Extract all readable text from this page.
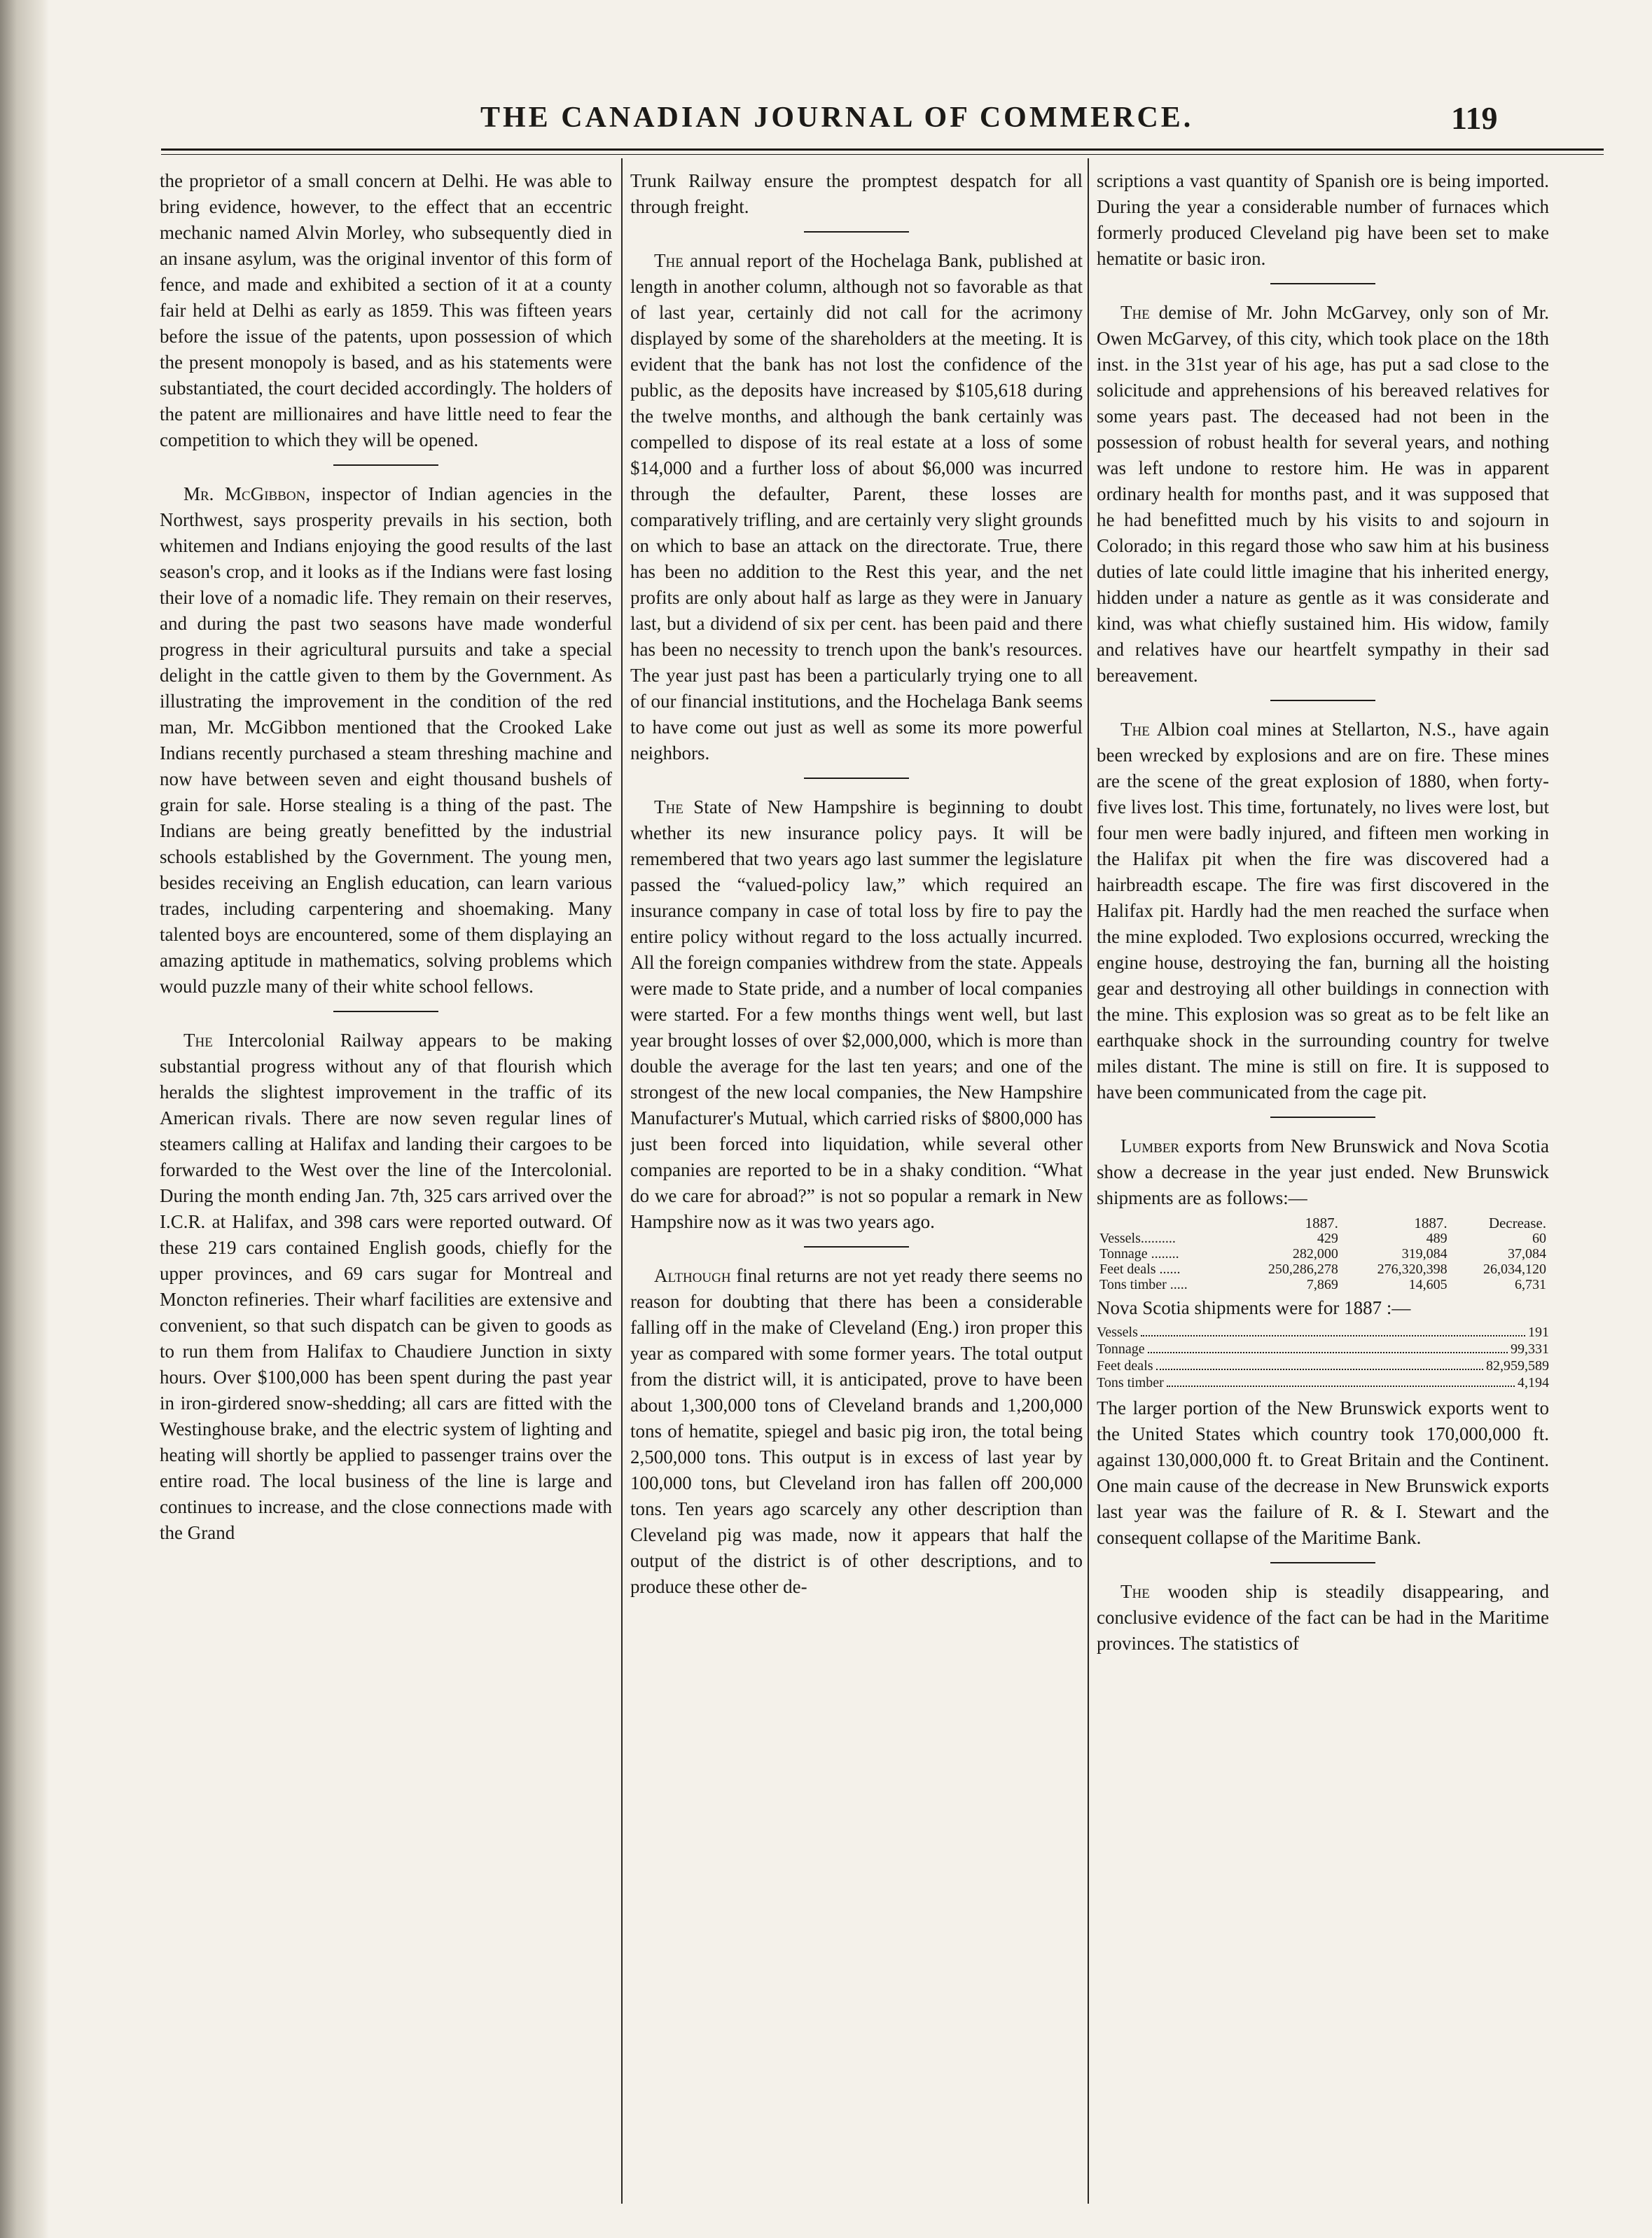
THE CANADIAN JOURNAL OF COMMERCE.	119

the proprietor of a small concern at Delhi. He was able to bring evidence, however, to the effect that an eccentric mechanic named Alvin Morley, who subsequently died in an insane asylum, was the original inventor of this form of fence, and made and exhibited a section of it at a county fair held at Delhi as early as 1859. This was fifteen years before the issue of the patents, upon possession of which the present monopoly is based, and as his statements were substantiated, the court decided accordingly. The holders of the patent are millionaires and have little need to fear the competition to which they will be opened.

Mr. McGibbon, inspector of Indian agencies in the Northwest, says prosperity prevails in his section, both whitemen and Indians enjoying the good results of the last season's crop, and it looks as if the Indians were fast losing their love of a nomadic life. They remain on their reserves, and during the past two seasons have made wonderful progress in their agricultural pursuits and take a special delight in the cattle given to them by the Government. As illustrating the improvement in the condition of the red man, Mr. McGibbon mentioned that the Crooked Lake Indians recently purchased a steam threshing machine and now have between seven and eight thousand bushels of grain for sale. Horse stealing is a thing of the past. The Indians are being greatly benefitted by the industrial schools established by the Government. The young men, besides receiving an English education, can learn various trades, including carpentering and shoemaking. Many talented boys are encountered, some of them displaying an amazing aptitude in mathematics, solving problems which would puzzle many of their white school fellows.

The Intercolonial Railway appears to be making substantial progress without any of that flourish which heralds the slightest improvement in the traffic of its American rivals. There are now seven regular lines of steamers calling at Halifax and landing their cargoes to be forwarded to the West over the line of the Intercolonial. During the month ending Jan. 7th, 325 cars arrived over the I.C.R. at Halifax, and 398 cars were reported outward. Of these 219 cars contained English goods, chiefly for the upper provinces, and 69 cars sugar for Montreal and Moncton refineries. Their wharf facilities are extensive and convenient, so that such dispatch can be given to goods as to run them from Halifax to Chaudiere Junction in sixty hours. Over $100,000 has been spent during the past year in iron-girdered snow-shedding; all cars are fitted with the Westinghouse brake, and the electric system of lighting and heating will shortly be applied to passenger trains over the entire road. The local business of the line is large and continues to increase, and the close connections made with the Grand

Trunk Railway ensure the promptest despatch for all through freight.

The annual report of the Hochelaga Bank, published at length in another column, although not so favorable as that of last year, certainly did not call for the acrimony displayed by some of the shareholders at the meeting. It is evident that the bank has not lost the confidence of the public, as the deposits have increased by $105,618 during the twelve months, and although the bank certainly was compelled to dispose of its real estate at a loss of some $14,000 and a further loss of about $6,000 was incurred through the defaulter, Parent, these losses are comparatively trifling, and are certainly very slight grounds on which to base an attack on the directorate. True, there has been no addition to the Rest this year, and the net profits are only about half as large as they were in January last, but a dividend of six per cent. has been paid and there has been no necessity to trench upon the bank's resources. The year just past has been a particularly trying one to all of our financial institutions, and the Hochelaga Bank seems to have come out just as well as some its more powerful neighbors.

The State of New Hampshire is beginning to doubt whether its new insurance policy pays. It will be remembered that two years ago last summer the legislature passed the “valued-policy law,” which required an insurance company in case of total loss by fire to pay the entire policy without regard to the loss actually incurred. All the foreign companies withdrew from the state. Appeals were made to State pride, and a number of local companies were started. For a few months things went well, but last year brought losses of over $2,000,000, which is more than double the average for the last ten years; and one of the strongest of the new local companies, the New Hampshire Manufacturer's Mutual, which carried risks of $800,000 has just been forced into liquidation, while several other companies are reported to be in a shaky condition. “What do we care for abroad?” is not so popular a remark in New Hampshire now as it was two years ago.

Although final returns are not yet ready there seems no reason for doubting that there has been a considerable falling off in the make of Cleveland (Eng.) iron proper this year as compared with some former years. The total output from the district will, it is anticipated, prove to have been about 1,300,000 tons of Cleveland brands and 1,200,000 tons of hematite, spiegel and basic pig iron, the total being 2,500,000 tons. This output is in excess of last year by 100,000 tons, but Cleveland iron has fallen off 200,000 tons. Ten years ago scarcely any other description than Cleveland pig was made, now it appears that half the output of the district is of other descriptions, and to produce these other de-

scriptions a vast quantity of Spanish ore is being imported. During the year a considerable number of furnaces which formerly produced Cleveland pig have been set to make hematite or basic iron.

The demise of Mr. John McGarvey, only son of Mr. Owen McGarvey, of this city, which took place on the 18th inst. in the 31st year of his age, has put a sad close to the solicitude and apprehensions of his bereaved relatives for some years past. The deceased had not been in the possession of robust health for several years, and nothing was left undone to restore him. He was in apparent ordinary health for months past, and it was supposed that he had benefitted much by his visits to and sojourn in Colorado; in this regard those who saw him at his business duties of late could little imagine that his inherited energy, hidden under a nature as gentle as it was considerate and kind, was what chiefly sustained him. His widow, family and relatives have our heartfelt sympathy in their sad bereavement.

The Albion coal mines at Stellarton, N.S., have again been wrecked by explosions and are on fire. These mines are the scene of the great explosion of 1880, when forty-five lives lost. This time, fortunately, no lives were lost, but four men were badly injured, and fifteen men working in the Halifax pit when the fire was discovered had a hairbreadth escape. The fire was first discovered in the Halifax pit. Hardly had the men reached the surface when the mine exploded. Two explosions occurred, wrecking the engine house, destroying the fan, burning all the hoisting gear and destroying all other buildings in connection with the mine. This explosion was so great as to be felt like an earthquake shock in the surrounding country for twelve miles distant. The mine is still on fire. It is supposed to have been communicated from the cage pit.

Lumber exports from New Brunswick and Nova Scotia show a decrease in the year just ended. New Brunswick shipments are as follows:—

	1887.	1887.	Decrease.
Vessels..........	429	489	60
Tonnage ........	282,000	319,084	37,084
Feet deals ......	250,286,278	276,320,398	26,034,120
Tons timber .....	7,869	14,605	6,731

Nova Scotia shipments were for 1887 :—

Vessels	191
Tonnage	99,331
Feet deals	82,959,589
Tons timber	4,194

The larger portion of the New Brunswick exports went to the United States which country took 170,000,000 ft. against 130,000,000 ft. to Great Britain and the Continent. One main cause of the decrease in New Brunswick exports last year was the failure of R. & I. Stewart and the consequent collapse of the Maritime Bank.

The wooden ship is steadily disappearing, and conclusive evidence of the fact can be had in the Maritime provinces. The statistics of
